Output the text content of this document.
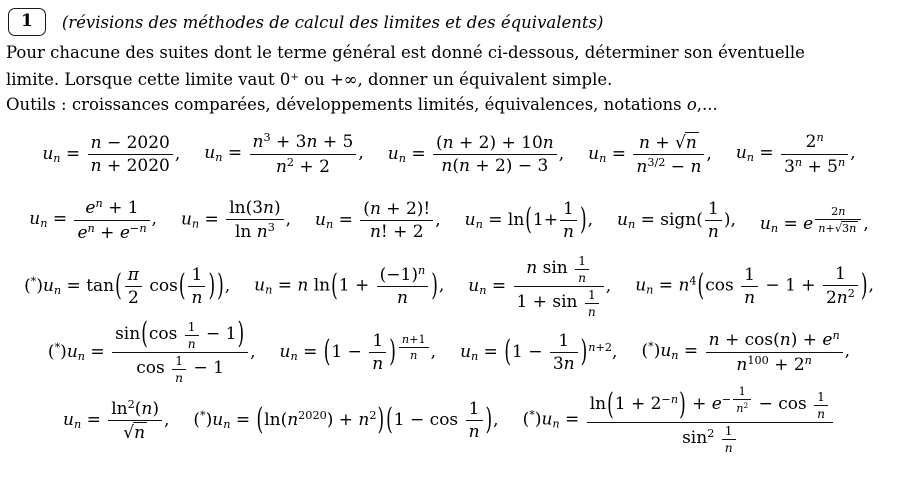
1	(révisions des méthodes de calcul des limites et des équivalents)
Pour chacune des suites dont le terme général est donné ci-dessous, déterminer son éventuelle
limite. Lorsque cette limite vaut 0+ ou +∞, donner un équivalent simple.
Outils : croissances comparées, développements limités, équivalences, notations o,...
$u_n = \frac{n - 2020}{n + 2020}$ , $u_n = \frac{n^3 + 3n + 5}{n^2 + 2}$ , $u_n = \frac{(n + 2) + 10n}{n(n + 2) - 3}$ , $u_n = \frac{n + √ n}{n^{3/2} - n}$ , $u_n = \frac{2^n}{3^n + 5^n}$ ,
$u_n = \frac{e^n + 1}{e^n + e^{-n}}$ , $u_n = \frac{\ln(3n)}{\ln n^3}$ , $u_n = \frac{(n + 2)!}{n! + 2}$ , $u_n = \ln(1+ \frac{1}{n}$ ), $u_n$ = sign( $\frac{1}{n}$ ), $u_n = e$ $^{\frac{2n}{n+ √ 3n}}$ ,
$(^*)u_n = \tan( \frac{\pi}{2} \cos( \frac{1}{n}$ ) ), $u_n = n$ $\ln(1 + \frac{(-1)^n}{n}$ ), $u_n = \frac{n \sin \frac{1}{n}}{1 + \sin \frac{1}{n}}$ , $u_n = n^4(\cos \frac{1}{n} - 1 + \frac{1}{2n^2}$ ),
$(^*)u_n = \frac{\sin(\cos \frac{1}{n} - 1)}{\cos \frac{1}{n} - 1}$ , $u_n = (1 - \frac{1}{n}$ ) $^{\frac{n+1}{n}}$ , $u_n = (1 - \frac{1}{3n} )^{n+2}$, $(^*)u_n = \frac{n + \cos(n) + e^n}{n^{100} + 2^n}$ ,
$u_n = \frac{\ln^2(n)}{√ n}$ , $(^*)u_n = (\ln(n^{2020}) + n^2) (1 - \cos \frac{1}{n}$ ), $(^*)u_n = \ln(1 + 2^{-n}) + e^{- \frac{1}{n^2}} - \cos \frac{1}{n}$
$\sin^2 \frac{1}{n}$
